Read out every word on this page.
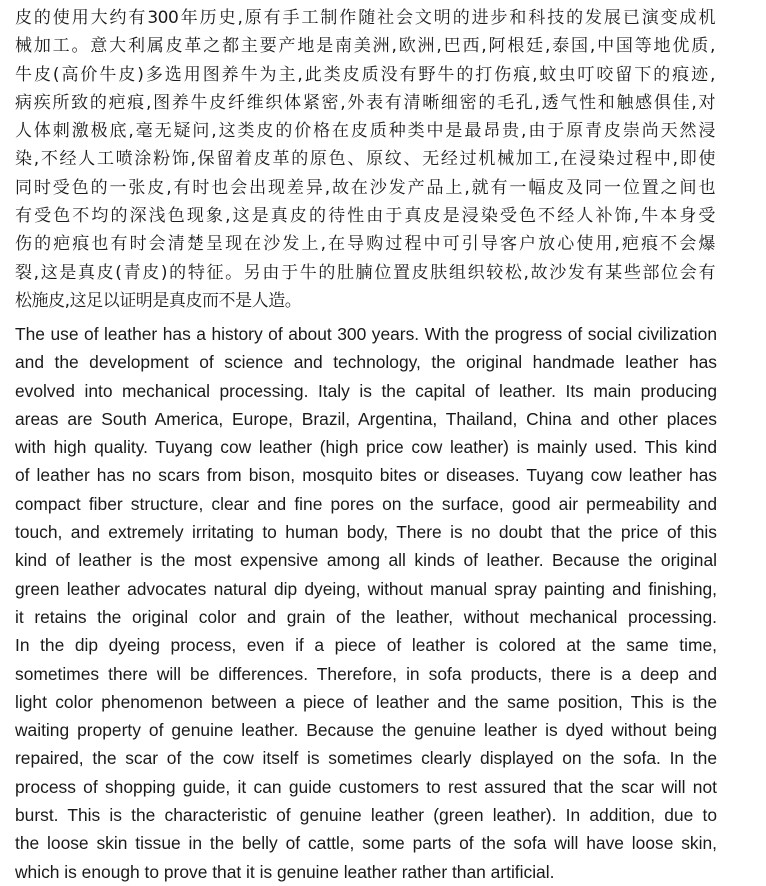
皮的使用大约有300年历史,原有手工制作随社会文明的进步和科技的发展已演变成机
械加工。意大利属皮革之都主要产地是南美洲,欧洲,巴西,阿根廷,泰国,中国等地优质,
牛皮(高价牛皮)多选用图养牛为主,此类皮质没有野牛的打伤痕,蚊虫叮咬留下的痕迹,
病疾所致的疤痕,图养牛皮纤维织体紧密,外表有清晰细密的毛孔,透气性和触感俱佳,对
人体刺激极底,毫无疑问,这类皮的价格在皮质种类中是最昂贵,由于原青皮崇尚天然浸
染,不经人工喷涂粉饰,保留着皮革的原色、原纹、无经过机械加工,在浸染过程中,即使
同时受色的一张皮,有时也会出现差异,故在沙发产品上,就有一幅皮及同一位置之间也
有受色不均的深浅色现象,这是真皮的待性由于真皮是浸染受色不经人补饰,牛本身受
伤的疤痕也有时会清楚呈现在沙发上,在导购过程中可引导客户放心使用,疤痕不会爆
裂,这是真皮(青皮)的特征。另由于牛的肚腩位置皮肤组织较松,故沙发有某些部位会有
松施皮,这足以证明是真皮而不是人造。
The use of leather has a history of about 300 years. With the progress of social civilization
and the development of science and technology, the original handmade leather has
evolved into mechanical processing. Italy is the capital of leather. Its main producing
areas are South America, Europe, Brazil, Argentina, Thailand, China and other places
with high quality. Tuyang cow leather (high price cow leather) is mainly used. This kind
of leather has no scars from bison, mosquito bites or diseases. Tuyang cow leather has
compact fiber structure, clear and fine pores on the surface, good air permeability and
touch, and extremely irritating to human body, There is no doubt that the price of this
kind of leather is the most expensive among all kinds of leather. Because the original
green leather advocates natural dip dyeing, without manual spray painting and finishing,
it retains the original color and grain of the leather, without mechanical processing.
In the dip dyeing process, even if a piece of leather is colored at the same time,
sometimes there will be differences. Therefore, in sofa products, there is a deep and
light color phenomenon between a piece of leather and the same position, This is the
waiting property of genuine leather. Because the genuine leather is dyed without being
repaired, the scar of the cow itself is sometimes clearly displayed on the sofa. In the
process of shopping guide, it can guide customers to rest assured that the scar will not
burst. This is the characteristic of genuine leather (green leather). In addition, due to
the loose skin tissue in the belly of cattle, some parts of the sofa will have loose skin,
which is enough to prove that it is genuine leather rather than artificial.
